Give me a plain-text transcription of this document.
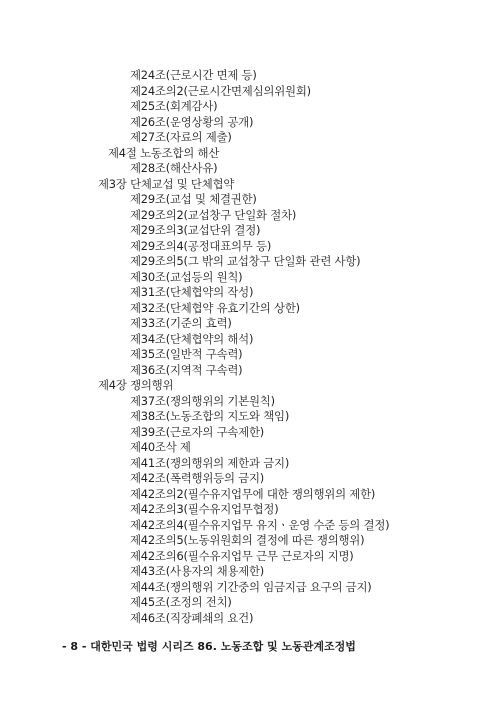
제24조(근로시간 면제 등)
제24조의2(근로시간면제심의위원회)
제25조(회계감사)
제26조(운영상황의 공개)
제27조(자료의 제출)
제4절 노동조합의 해산
제28조(해산사유)
제3장 단체교섭 및 단체협약
제29조(교섭 및 체결권한)
제29조의2(교섭창구 단일화 절차)
제29조의3(교섭단위 결정)
제29조의4(공정대표의무 등)
제29조의5(그 밖의 교섭창구 단일화 관련 사항)
제30조(교섭등의 원칙)
제31조(단체협약의 작성)
제32조(단체협약 유효기간의 상한)
제33조(기준의 효력)
제34조(단체협약의 해석)
제35조(일반적 구속력)
제36조(지역적 구속력)
제4장 쟁의행위
제37조(쟁의행위의 기본원칙)
제38조(노동조합의 지도와 책임)
제39조(근로자의 구속제한)
제40조삭 제
제41조(쟁의행위의 제한과 금지)
제42조(폭력행위등의 금지)
제42조의2(필수유지업무에 대한 쟁의행위의 제한)
제42조의3(필수유지업무협정)
제42조의4(필수유지업무 유지ㆍ운영 수준 등의 결정)
제42조의5(노동위원회의 결정에 따른 쟁의행위)
제42조의6(필수유지업무 근무 근로자의 지명)
제43조(사용자의 채용제한)
제44조(쟁의행위 기간중의 임금지급 요구의 금지)
제45조(조정의 전치)
제46조(직장폐쇄의 요건)
- 8 - 대한민국 법령 시리즈 86. 노동조합 및 노동관계조정법
